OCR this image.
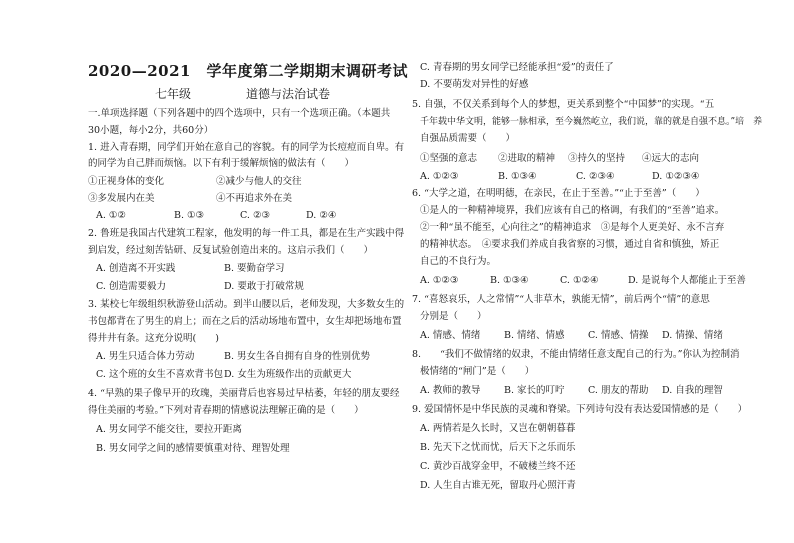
2020—2021　学年度第二学期期末调研考试
七年级	道德与法治试卷
一.单项选择题（下列各题中的四个选项中，只有一个选项正确。（本题共
30小题，每小2分，共60分）
1. 进入青春期，同学们开始在意自己的容貌。有的同学为长痘痘而自卑。有
的同学为自己胖而烦恼。以下有利于缓解烦恼的做法有（　　）
①正视身体的变化	②减少与他人的交往
③多发展内在美	④不再追求外在美
A. ①②	B. ①③	C. ②③	D. ②④
2. 鲁班是我国古代建筑工程家，他发明的每一件工具，都是在生产实践中得
到启发，经过刻苦钻研、反复试验创造出来的。这启示我们（　　）
A. 创造离不开实践	B. 要勤奋学习
C. 创造需要毅力	D. 要敢于打破常规
3. 某校七年级组织秋游登山活动。到半山腰以后，老师发现，大多数女生的
书包都背在了男生的肩上；而在之后的活动场地布置中，女生却把场地布置
得井井有条。这充分说明(　　)
A. 男生只适合体力劳动	B. 男女生各自拥有自身的性别优势
C. 这个班的女生不喜欢背书包 D. 女生为班级作出的贡献更大
4. “早熟的果子像早开的玫瑰，美丽背后也容易过早枯萎，年轻的朋友要经
得住美丽的考验。”下列对青春期的情感说法理解正确的是（　　）
A. 男女同学不能交往，要拉开距离
B. 男女同学之间的感情要慎重对待、理智处理
C. 青春期的男女同学已经能承担“爱”的责任了
D. 不要萌发对异性的好感
5. 自强，不仅关系到每个人的梦想，更关系到整个“中国梦”的实现。“五
千年载中华文明，能够一脉相承，至今巍然屹立，我们说，靠的就是自强不息。”培　养
自强品质需要（　　）
①坚强的意志 ②进取的精神 ③持久的坚持 ④远大的志向
A. ①②③	B. ①③④	C. ②③④	D. ①②③④
6. “大学之道，在明明德，在亲民，在止于至善。”“止于至善”（　　）
①是人的一种精神境界，我们应该有自己的格调，有我们的“至善”追求。
②一种“虽不能至，心向往之”的精神追求　③是每个人更美好、永不言弃
的精神状态。　④要求我们养成自我省察的习惯，通过自省和慎独，矫正
自己的不良行为。
A. ①②③	B. ①③④	C. ①②④	D. 是说每个人都能止于至善
7. “喜怒哀乐，人之常情”“人非草木，孰能无情”，前后两个“情”的意思
分别是（　　）
A. 情感、情绪 B. 情绪、情感 C. 情感、情操 D. 情操、情绪
8.　　“我们不做情绪的奴隶，不能由情绪任意支配自己的行为。”你认为控制消
极情绪的“闸门”是（　　）
A. 教师的教导 B. 家长的叮咛 C. 朋友的帮助 D. 自我的理智
9. 爱国情怀是中华民族的灵魂和脊梁。下列诗句没有表达爱国情感的是（　　）
A. 两情若是久长时，又岂在朝朝暮暮
B. 先天下之忧而忧，后天下之乐而乐
C. 黄沙百战穿金甲，不破楼兰终不还
D. 人生自古谁无死，留取丹心照汗青
